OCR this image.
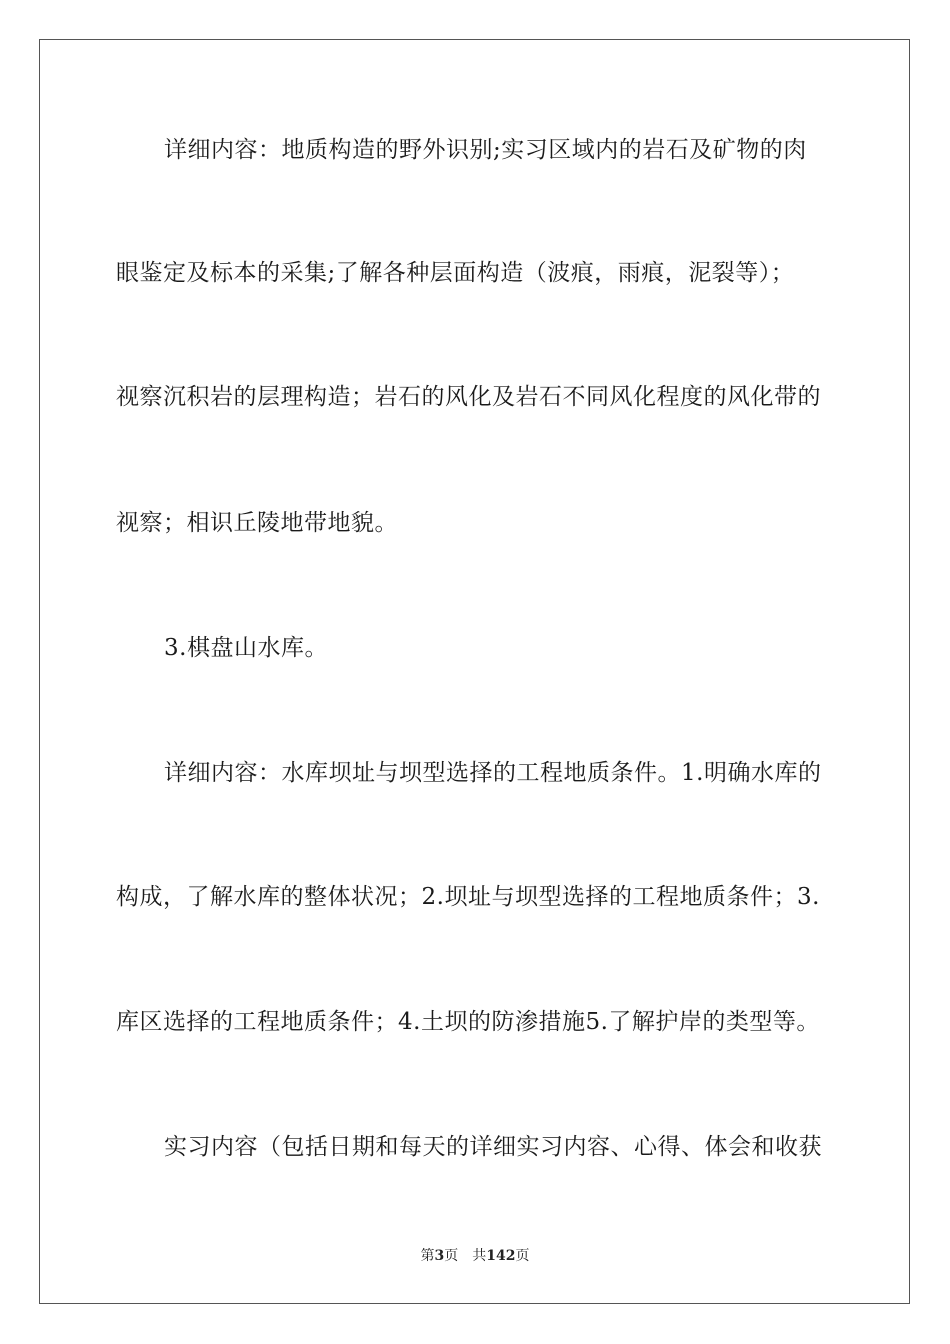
详细内容：地质构造的野外识别;实习区域内的岩石及矿物的肉
眼鉴定及标本的采集;了解各种层面构造（波痕，雨痕，泥裂等）；
视察沉积岩的层理构造；岩石的风化及岩石不同风化程度的风化带的
视察；相识丘陵地带地貌。
3.棋盘山水库。
详细内容：水库坝址与坝型选择的工程地质条件。1.明确水库的
构成，了解水库的整体状况；2.坝址与坝型选择的工程地质条件；3.
库区选择的工程地质条件；4.土坝的防渗措施5.了解护岸的类型等。
实习内容（包括日期和每天的详细实习内容、心得、体会和收获
第3页 共142页
